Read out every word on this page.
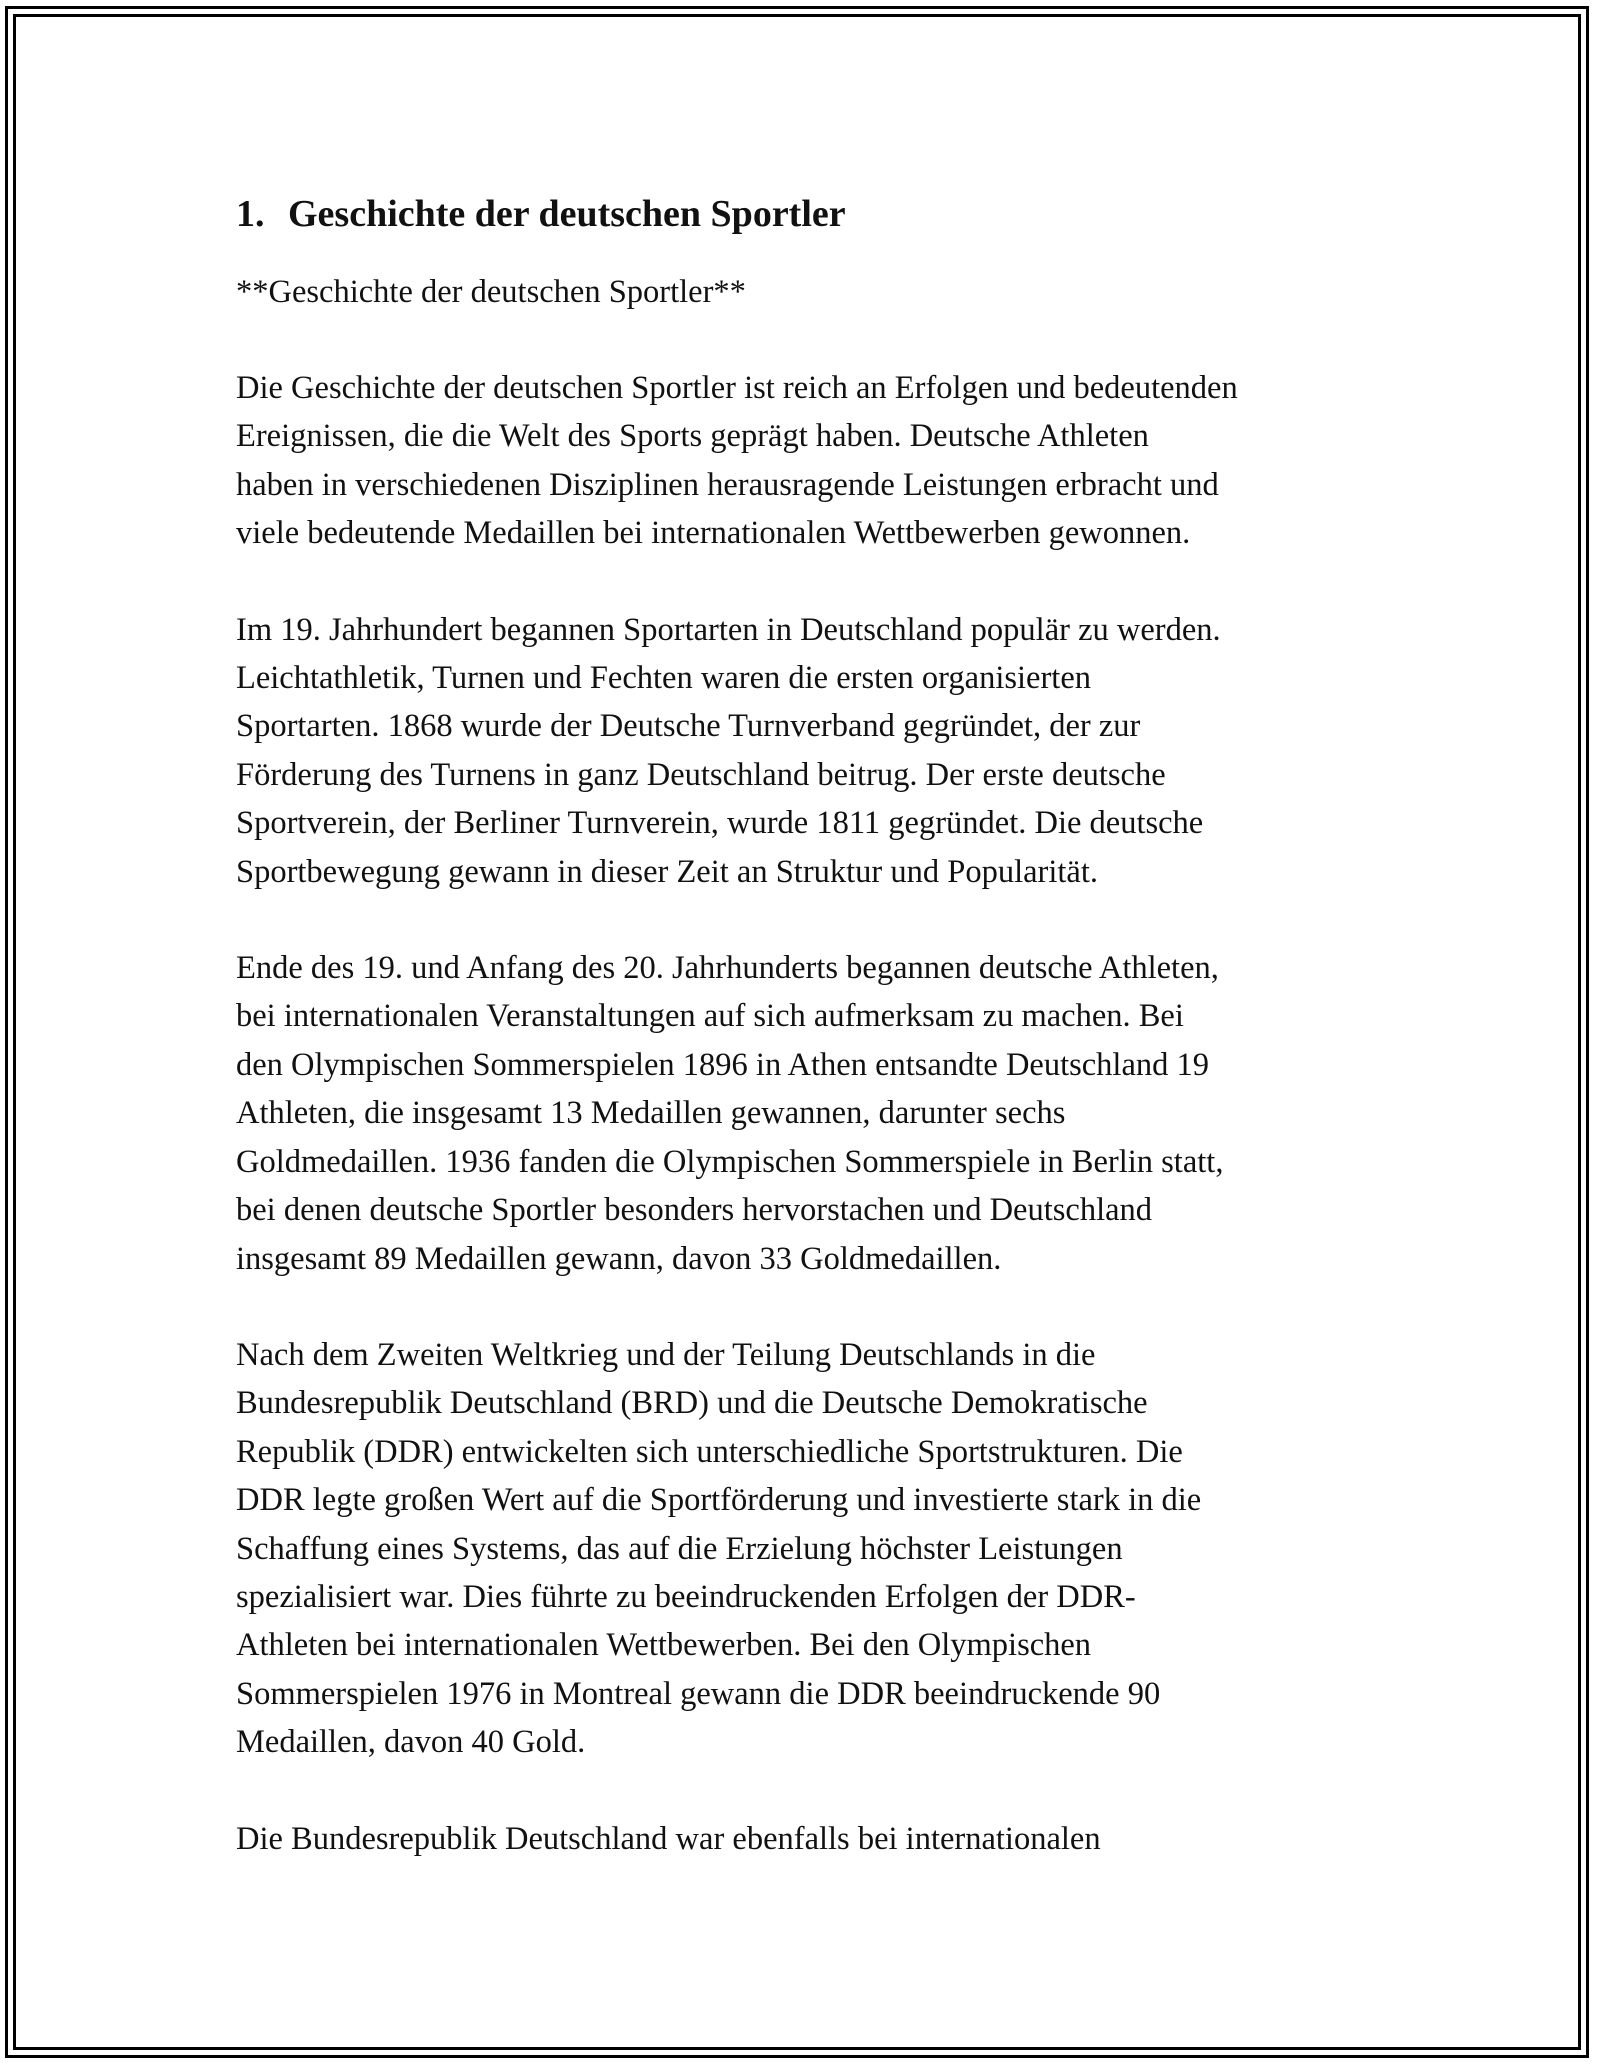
1. Geschichte der deutschen Sportler

**Geschichte der deutschen Sportler**

Die Geschichte der deutschen Sportler ist reich an Erfolgen und bedeutenden
Ereignissen, die die Welt des Sports geprägt haben. Deutsche Athleten
haben in verschiedenen Disziplinen herausragende Leistungen erbracht und
viele bedeutende Medaillen bei internationalen Wettbewerben gewonnen.

Im 19. Jahrhundert begannen Sportarten in Deutschland populär zu werden.
Leichtathletik, Turnen und Fechten waren die ersten organisierten
Sportarten. 1868 wurde der Deutsche Turnverband gegründet, der zur
Förderung des Turnens in ganz Deutschland beitrug. Der erste deutsche
Sportverein, der Berliner Turnverein, wurde 1811 gegründet. Die deutsche
Sportbewegung gewann in dieser Zeit an Struktur und Popularität.

Ende des 19. und Anfang des 20. Jahrhunderts begannen deutsche Athleten,
bei internationalen Veranstaltungen auf sich aufmerksam zu machen. Bei
den Olympischen Sommerspielen 1896 in Athen entsandte Deutschland 19
Athleten, die insgesamt 13 Medaillen gewannen, darunter sechs
Goldmedaillen. 1936 fanden die Olympischen Sommerspiele in Berlin statt,
bei denen deutsche Sportler besonders hervorstachen und Deutschland
insgesamt 89 Medaillen gewann, davon 33 Goldmedaillen.

Nach dem Zweiten Weltkrieg und der Teilung Deutschlands in die
Bundesrepublik Deutschland (BRD) und die Deutsche Demokratische
Republik (DDR) entwickelten sich unterschiedliche Sportstrukturen. Die
DDR legte großen Wert auf die Sportförderung und investierte stark in die
Schaffung eines Systems, das auf die Erzielung höchster Leistungen
spezialisiert war. Dies führte zu beeindruckenden Erfolgen der DDR-
Athleten bei internationalen Wettbewerben. Bei den Olympischen
Sommerspielen 1976 in Montreal gewann die DDR beeindruckende 90
Medaillen, davon 40 Gold.

Die Bundesrepublik Deutschland war ebenfalls bei internationalen
